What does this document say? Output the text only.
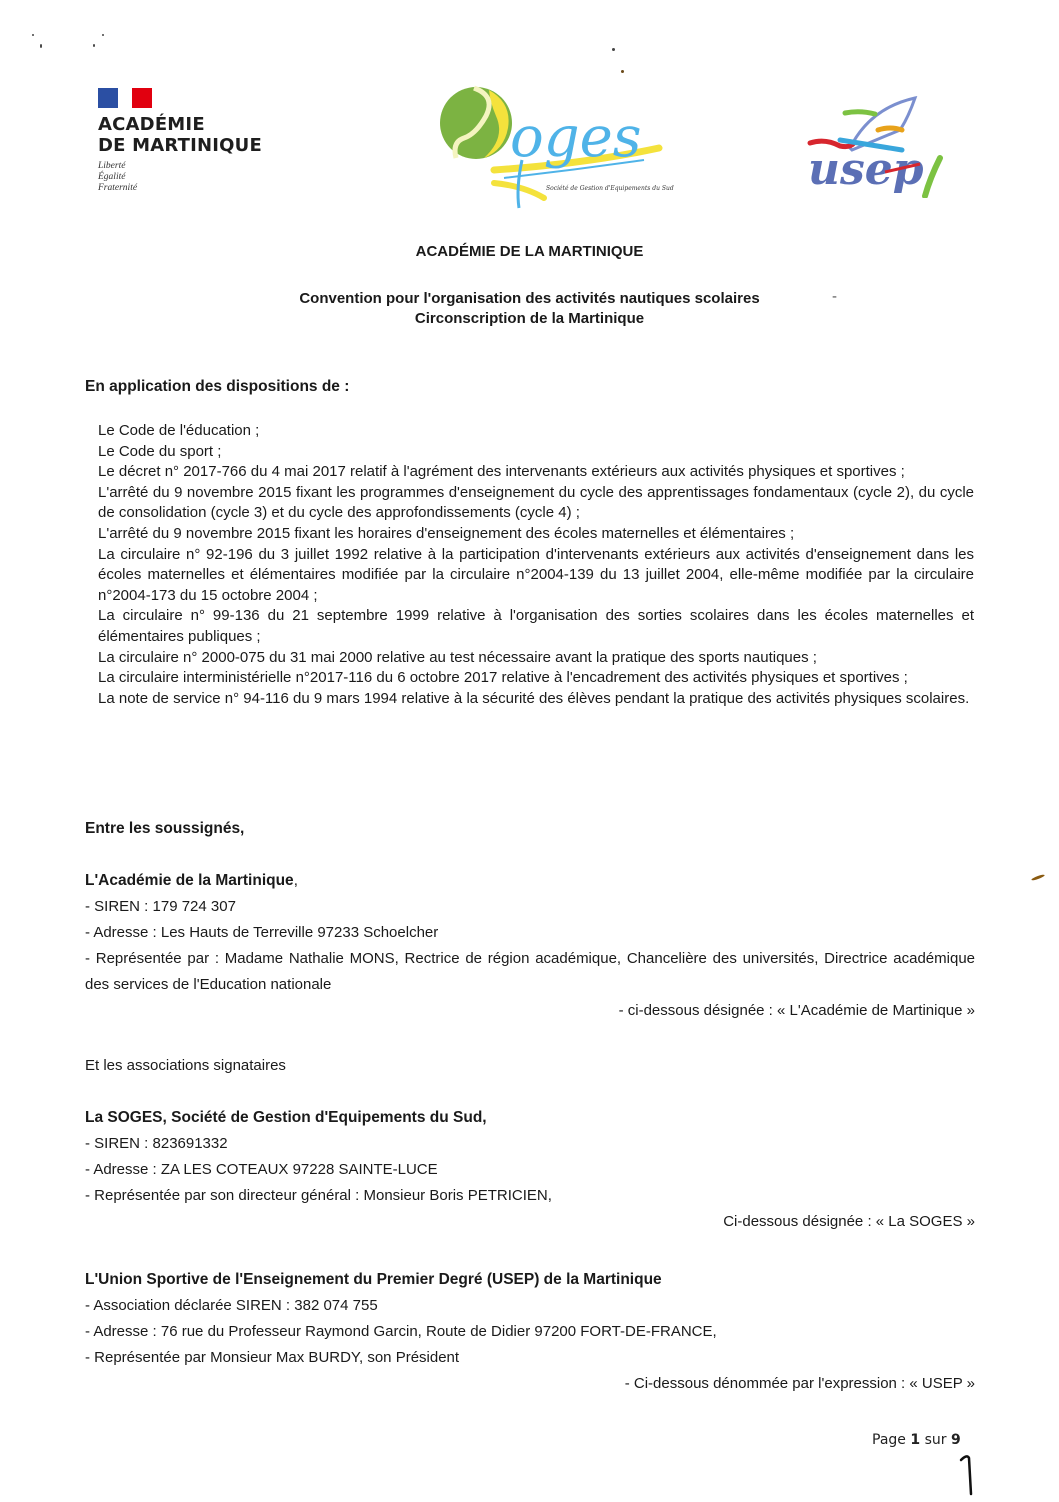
ACADÉMIE
DE MARTINIQUE
Liberté
Égalité
Fraternité
oges
Société de Gestion d'Equipements du Sud	usep
ACADÉMIE DE LA MARTINIQUE
Convention pour l'organisation des activités nautiques scolaires
Circonscription de la Martinique
-
En application des dispositions de :

Le Code de l'éducation ;

Le Code du sport ;

Le décret n° 2017-766 du 4 mai 2017 relatif à l'agrément des intervenants extérieurs aux activités physiques et sportives ;

L'arrêté du 9 novembre 2015 fixant les programmes d'enseignement du cycle des apprentissages fondamentaux (cycle 2), du cycle de consolidation (cycle 3) et du cycle des approfondissements (cycle 4) ;

L'arrêté du 9 novembre 2015 fixant les horaires d'enseignement des écoles maternelles et élémentaires ;

La circulaire n° 92-196 du 3 juillet 1992 relative à la participation d'intervenants extérieurs aux activités d'enseignement dans les écoles maternelles et élémentaires modifiée par la circulaire n°2004-139 du 13 juillet 2004, elle-même modifiée par la circulaire n°2004-173 du 15 octobre 2004 ;

La circulaire n° 99-136 du 21 septembre 1999 relative à l'organisation des sorties scolaires dans les écoles maternelles et élémentaires publiques ;

La circulaire n° 2000-075 du 31 mai 2000 relative au test nécessaire avant la pratique des sports nautiques ;

La circulaire interministérielle n°2017-116 du 6 octobre 2017 relative à l'encadrement des activités physiques et sportives ;

La note de service n° 94-116 du 9 mars 1994 relative à la sécurité des élèves pendant la pratique des activités physiques scolaires.

Entre les soussignés,

L'Académie de la Martinique,

- SIREN : 179 724 307

- Adresse : Les Hauts de Terreville 97233 Schoelcher

- Représentée par : Madame Nathalie MONS, Rectrice de région académique, Chancelière des universités, Directrice académique des services de l'Education nationale

- ci-dessous désignée : « L'Académie de Martinique »

Et les associations signataires

La SOGES, Société de Gestion d'Equipements du Sud,

- SIREN : 823691332

- Adresse : ZA LES COTEAUX 97228 SAINTE-LUCE

- Représentée par son directeur général : Monsieur Boris PETRICIEN,

Ci-dessous désignée : « La SOGES »

L'Union Sportive de l'Enseignement du Premier Degré (USEP) de la Martinique

- Association déclarée SIREN : 382 074 755

- Adresse : 76 rue du Professeur Raymond Garcin, Route de Didier 97200 FORT-DE-FRANCE,

- Représentée par Monsieur Max BURDY, son Président

- Ci-dessous dénommée par l'expression : « USEP »

Page 1 sur 9
